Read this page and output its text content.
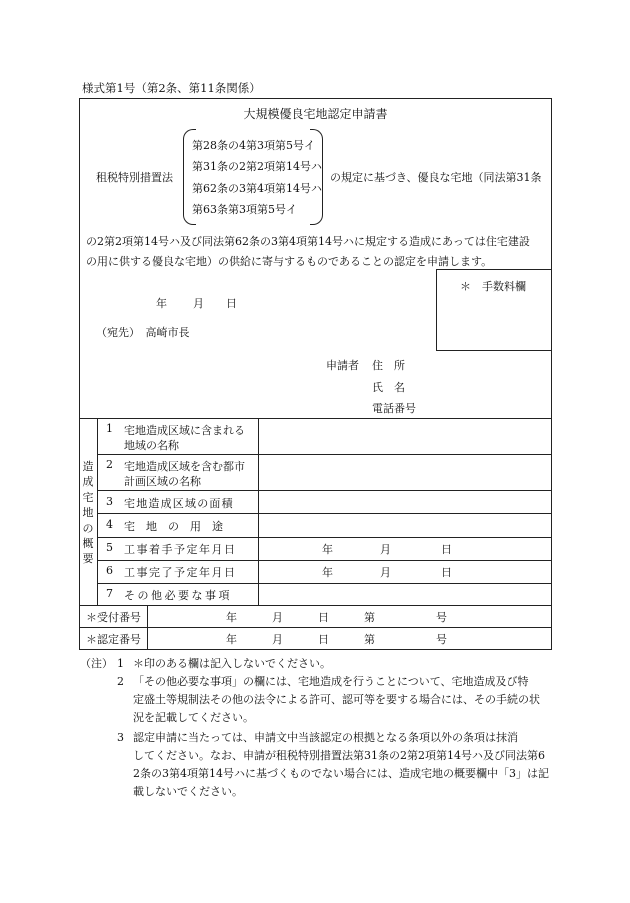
様式第1号（第2条、第11条関係）
大規模優良宅地認定申請書
租税特別措置法
第28条の4第3項第5号イ
第31条の2第2項第14号ハ
第62条の3第4項第14号ハ
第63条第3項第5号イ
の規定に基づき、優良な宅地（同法第31条
の2第2項第14号ハ及び同法第62条の3第4項第14号ハに規定する造成にあっては住宅建設
の用に供する優良な宅地）の供給に寄与するものであることの認定を申請します。
＊　手数料欄
年 月 日
（宛先）　高崎市長
申請者 住　所
氏　名
電話番号
造成宅地の概要
1 宅地造成区域に含まれる
地域の名称
2 宅地造成区域を含む都市
計画区域の名称
3 宅地造成区域の面積
4 宅　地　の　用　途
5 工事着手予定年月日	年	月	日
6 工事完了予定年月日	年	月	日
7 その他必要な事項
＊受付番号	年	月	日	第	号
＊認定番号	年	月	日	第	号
（注） 1 ＊印のある欄は記入しないでください。
2 「その他必要な事項」の欄には、宅地造成を行うことについて、宅地造成及び特
定盛土等規制法その他の法令による許可、認可等を要する場合には、その手続の状
況を記載してください。
3 認定申請に当たっては、申請文中当該認定の根拠となる条項以外の条項は抹消
してください。なお、申請が租税特別措置法第31条の2第2項第14号ハ及び同法第6
2条の3第4項第14号ハに基づくものでない場合には、造成宅地の概要欄中「3」は記
載しないでください。
